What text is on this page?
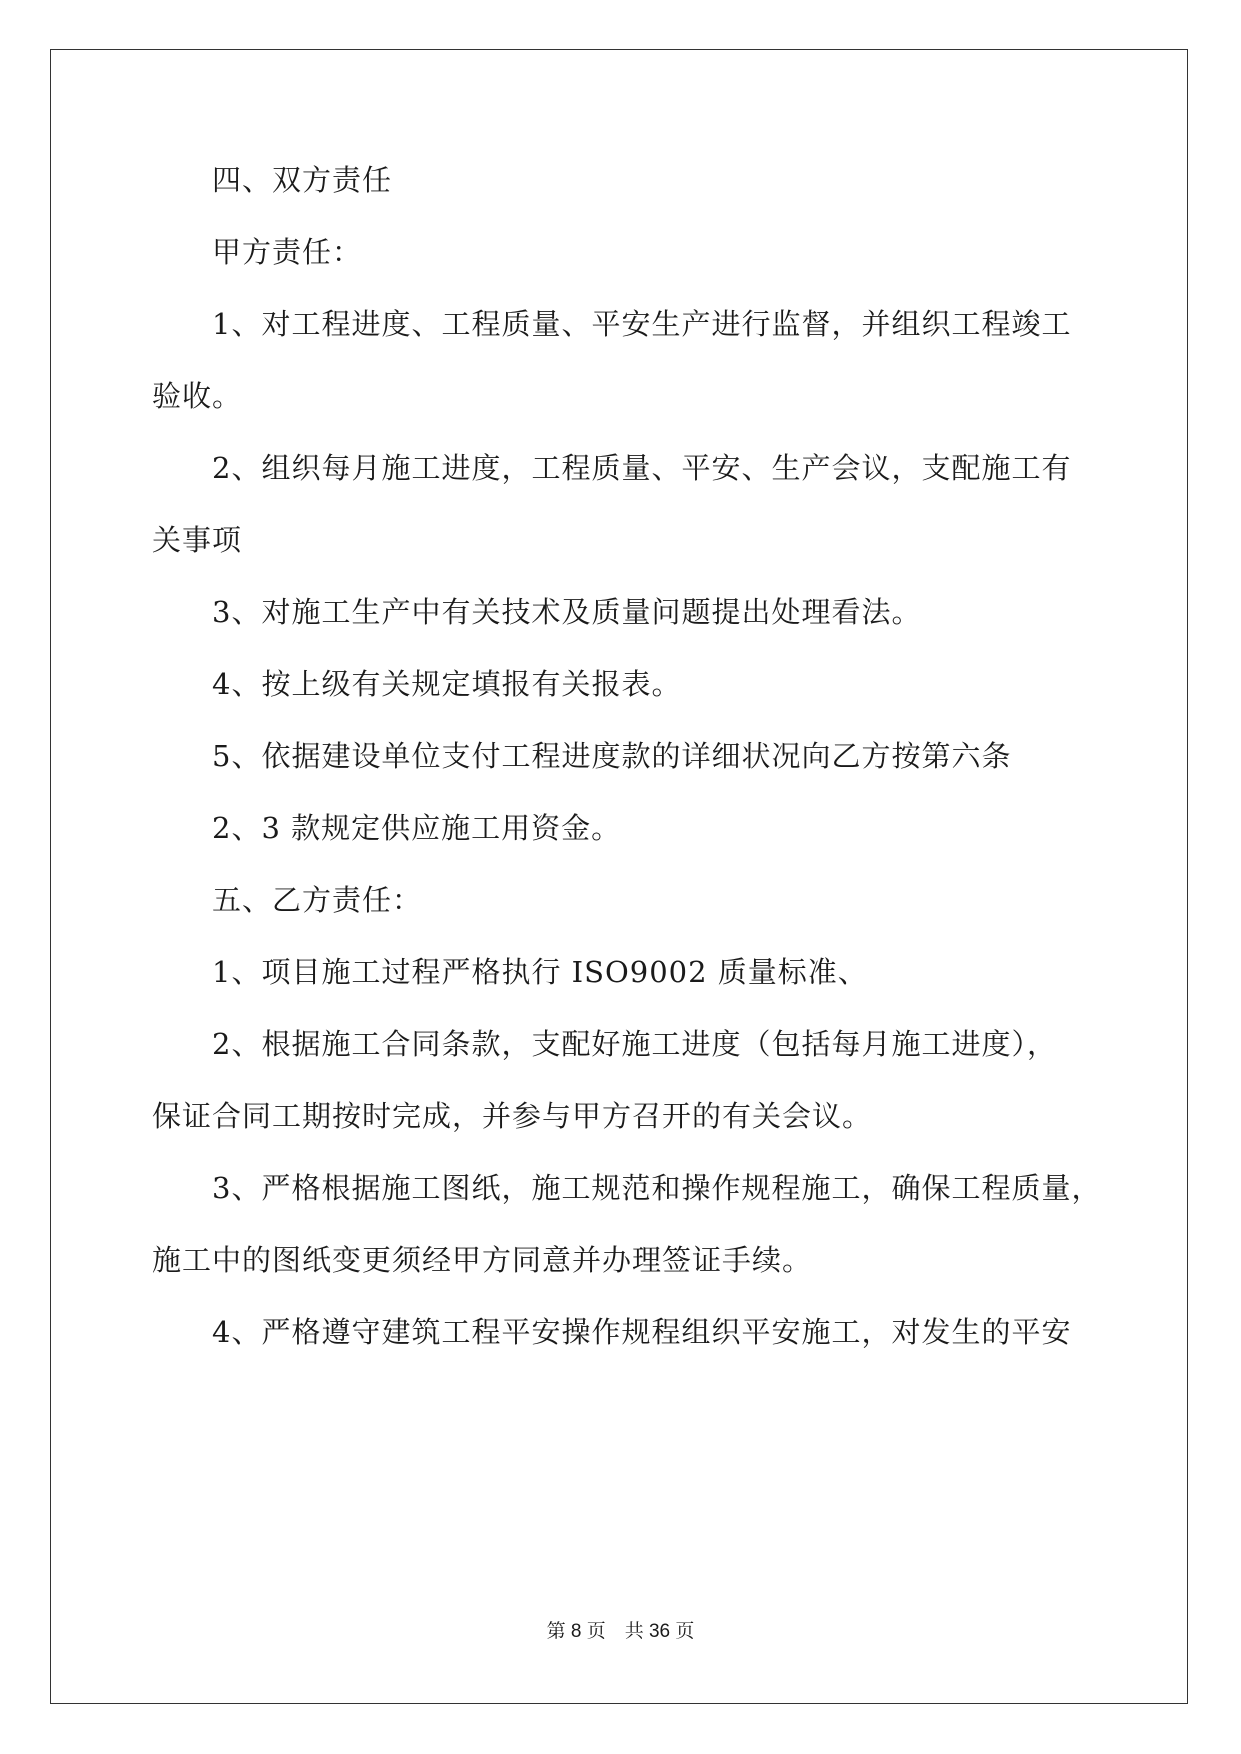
四、双方责任
甲方责任：
1、对工程进度、工程质量、平安生产进行监督，并组织工程竣工
验收。
2、组织每月施工进度，工程质量、平安、生产会议，支配施工有
关事项
3、对施工生产中有关技术及质量问题提出处理看法。
4、按上级有关规定填报有关报表。
5、依据建设单位支付工程进度款的详细状况向乙方按第六条
2、3 款规定供应施工用资金。
五、乙方责任：
1、项目施工过程严格执行 ISO9002 质量标准、
2、根据施工合同条款，支配好施工进度（包括每月施工进度），
保证合同工期按时完成，并参与甲方召开的有关会议。
3、严格根据施工图纸，施工规范和操作规程施工，确保工程质量，
施工中的图纸变更须经甲方同意并办理签证手续。
4、严格遵守建筑工程平安操作规程组织平安施工，对发生的平安
第 8 页　共 36 页
